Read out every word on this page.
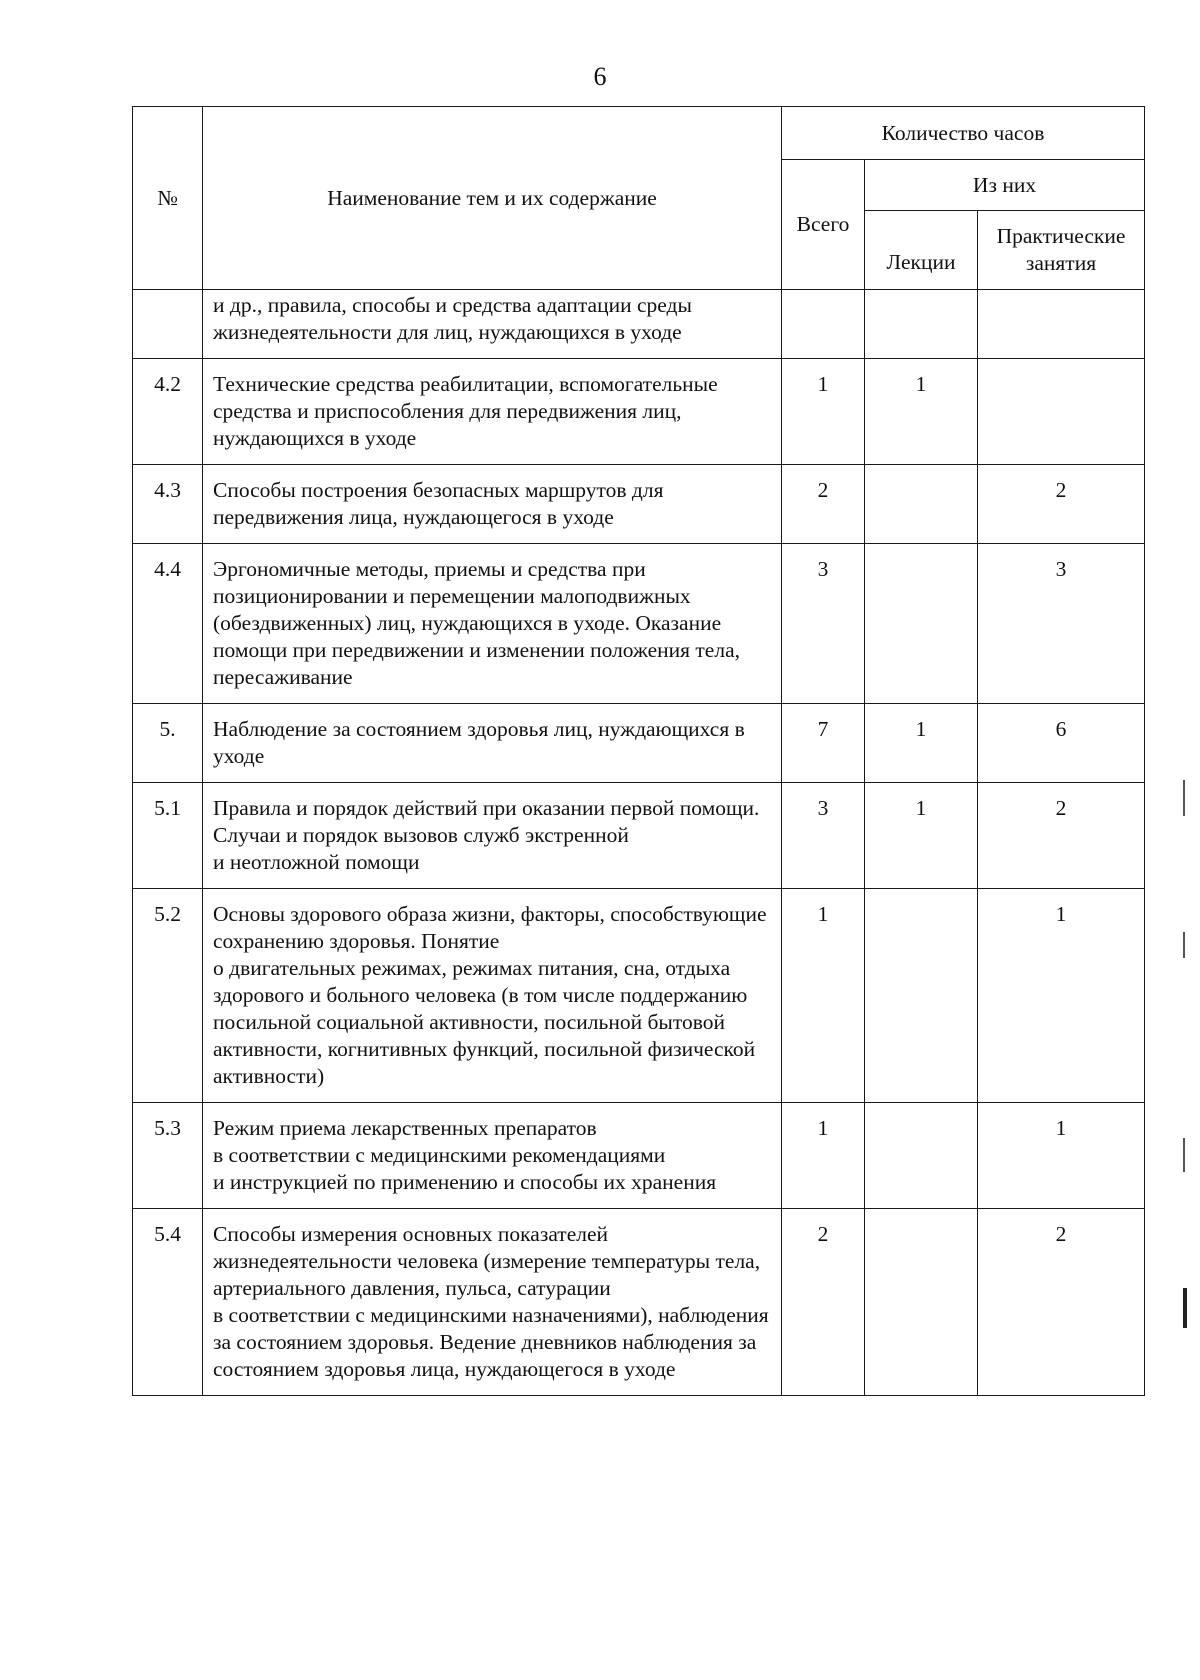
6
№	Наименование тем и их содержание	Количество часов		
		Всего	Из них	
			Лекции	Практические занятия
	и др., правила, способы и средства адаптации среды жизнедеятельности для лиц, нуждающихся в уходе			
4.2	Технические средства реабилитации, вспомогательные средства и приспособления для передвижения лиц, нуждающихся в уходе	1	1	
4.3	Способы построения безопасных маршрутов для передвижения лица, нуждающегося в уходе	2		2
4.4	Эргономичные методы, приемы и средства при позиционировании и перемещении малоподвижных (обездвиженных) лиц, нуждающихся в уходе. Оказание помощи при передвижении и изменении положения тела, пересаживание	3		3
5.	Наблюдение за состоянием здоровья лиц, нуждающихся в уходе	7	1	6
5.1	Правила и порядок действий при оказании первой помощи. Случаи и порядок вызовов служб экстренной
и неотложной помощи	3	1	2
5.2	Основы здорового образа жизни, факторы, способствующие сохранению здоровья. Понятие
о двигательных режимах, режимах питания, сна, отдыха здорового и больного человека (в том числе поддержанию посильной социальной активности, посильной бытовой активности, когнитивных функций, посильной физической активности)	1		1
5.3	Режим приема лекарственных препаратов
в соответствии с медицинскими рекомендациями
и инструкцией по применению и способы их хранения	1		1
5.4	Способы измерения основных показателей жизнедеятельности человека (измерение температуры тела, артериального давления, пульса, сатурации
в соответствии с медицинскими назначениями), наблюдения за состоянием здоровья. Ведение дневников наблюдения за состоянием здоровья лица, нуждающегося в уходе	2		2
